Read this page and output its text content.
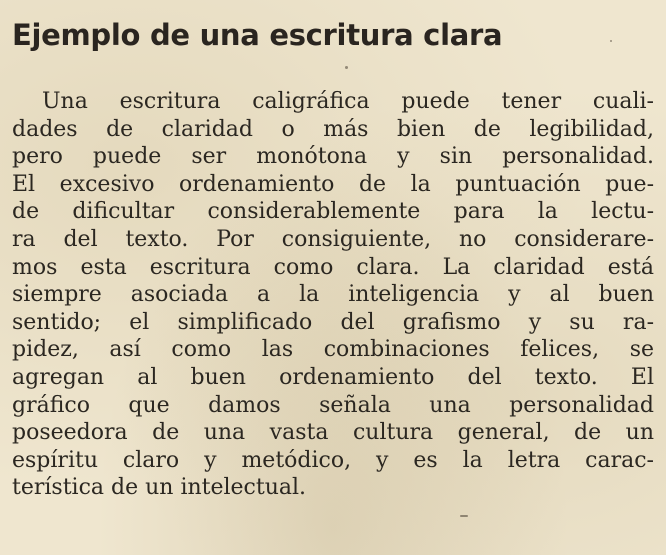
Ejemplo de una escritura clara
Una escritura caligráfica puede tener cuali-
dades de claridad o más bien de legibilidad,
pero puede ser monótona y sin personalidad.
El excesivo ordenamiento de la puntuación pue-
de dificultar considerablemente para la lectu-
ra del texto. Por consiguiente, no considerare-
mos esta escritura como clara. La claridad está
siempre asociada a la inteligencia y al buen
sentido; el simplificado del grafismo y su ra-
pidez, así como las combinaciones felices, se
agregan al buen ordenamiento del texto. El
gráfico que damos señala una personalidad
poseedora de una vasta cultura general, de un
espíritu claro y metódico, y es la letra carac-
terística de un intelectual.
